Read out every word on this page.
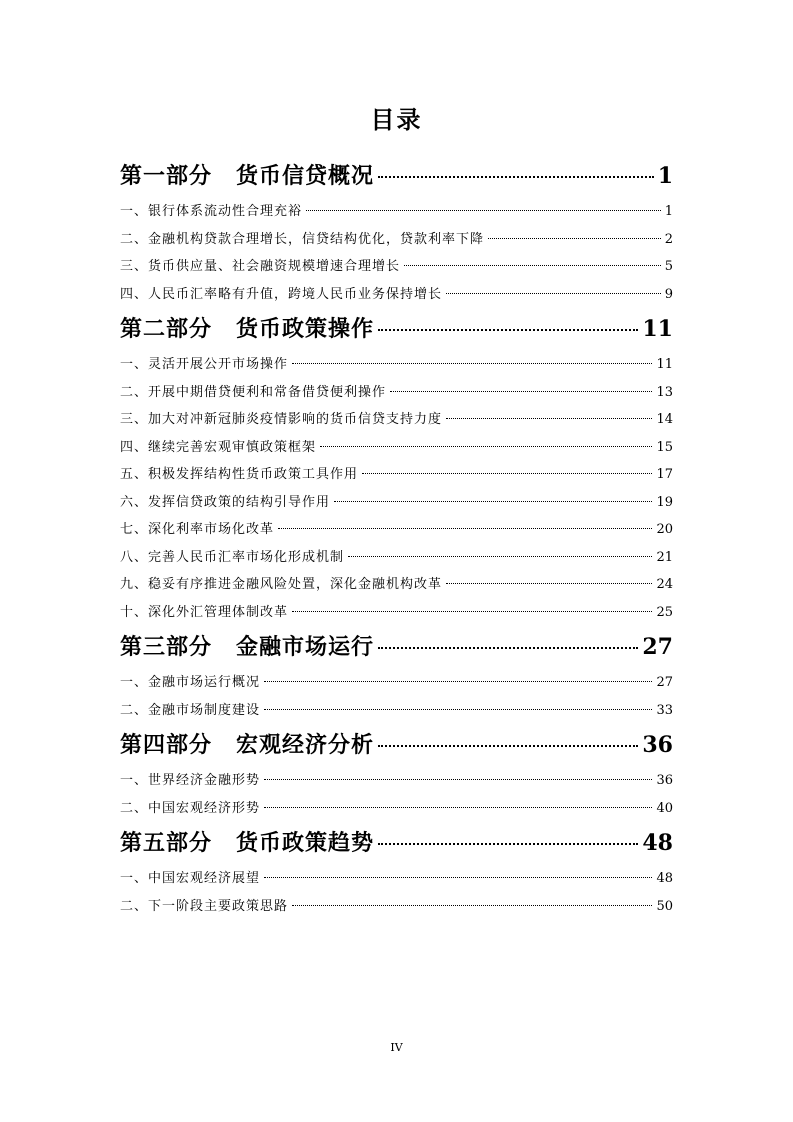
目录
第一部分 货币信贷概况	1
一、银行体系流动性合理充裕	1
二、金融机构贷款合理增长，信贷结构优化，贷款利率下降	2
三、货币供应量、社会融资规模增速合理增长	5
四、人民币汇率略有升值，跨境人民币业务保持增长	9
第二部分 货币政策操作	11
一、灵活开展公开市场操作	11
二、开展中期借贷便利和常备借贷便利操作	13
三、加大对冲新冠肺炎疫情影响的货币信贷支持力度	14
四、继续完善宏观审慎政策框架	15
五、积极发挥结构性货币政策工具作用	17
六、发挥信贷政策的结构引导作用	19
七、深化利率市场化改革	20
八、完善人民币汇率市场化形成机制	21
九、稳妥有序推进金融风险处置，深化金融机构改革	24
十、深化外汇管理体制改革	25
第三部分 金融市场运行	27
一、金融市场运行概况	27
二、金融市场制度建设	33
第四部分 宏观经济分析	36
一、世界经济金融形势	36
二、中国宏观经济形势	40
第五部分 货币政策趋势	48
一、中国宏观经济展望	48
二、下一阶段主要政策思路	50
IV
